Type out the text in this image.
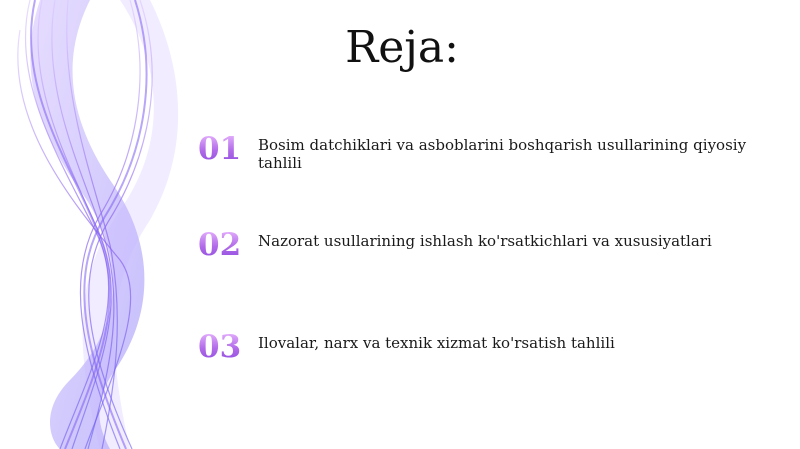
Reja:
01	Bosim datchiklari va asboblarini boshqarish usullarining qiyosiy tahlili
02	Nazorat usullarining ishlash ko'rsatkichlari va xususiyatlari
03	Ilovalar, narx va texnik xizmat ko'rsatish tahlili
